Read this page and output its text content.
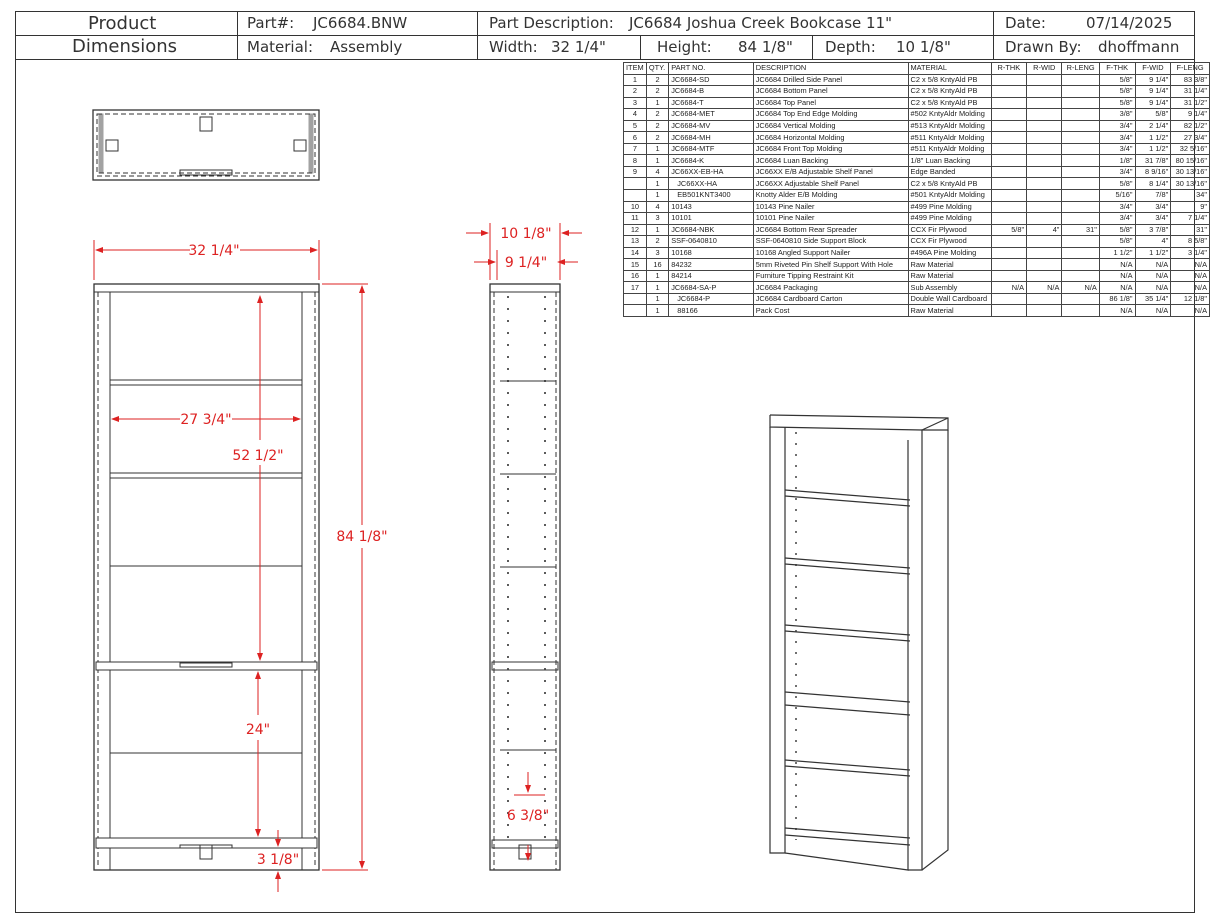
Product
Dimensions
Part#: JC6684.BNW
Material: Assembly
Part Description: JC6684 Joshua Creek Bookcase 11"
Width: 32 1/4"	Height: 84 1/8" Depth: 10 1/8"
Date:	07/14/2025
Drawn By: dhoffmann
ITEM	QTY.	PART NO.	DESCRIPTION	MATERIAL	R-THK	R-WID	R-LENG	F-THK	F-WID	F-LENG
1	2	JC6684-SD	JC6684 Drilled Side Panel	C2 x 5/8 KntyAld PB				5/8"	9 1/4"	83 3/8"
2	2	JC6684-B	JC6684 Bottom Panel	C2 x 5/8 KntyAld PB				5/8"	9 1/4"	31 1/4"
3	1	JC6684-T	JC6684 Top Panel	C2 x 5/8 KntyAld PB				5/8"	9 1/4"	31 1/2"
4	2	JC6684-MET	JC6684 Top End Edge Molding	#502 KntyAldr Molding				3/8"	5/8"	9 1/4"
5	2	JC6684-MV	JC6684 Vertical Molding	#513 KntyAldr Molding				3/4"	2 1/4"	82 1/2"
6	2	JC6684-MH	JC6684 Horizontal Molding	#511 KntyAldr Molding				3/4"	1 1/2"	27 3/4"
7	1	JC6684-MTF	JC6684 Front Top Molding	#511 KntyAldr Molding				3/4"	1 1/2"	32 5/16"
8	1	JC6684-K	JC6684 Luan Backing	1/8" Luan Backing				1/8"	31 7/8"	80 15/16"
9	4	JC66XX-EB-HA	JC66XX E/B Adjustable Shelf Panel	Edge Banded				3/4"	8 9/16"	30 13/16"
	1	JC66XX-HA	JC66XX Adjustable Shelf Panel	C2 x 5/8 KntyAld PB				5/8"	8 1/4"	30 13/16"
	1	EB501KNT3400	Knotty Alder E/B Molding	#501 KntyAldr Molding				5/16"	7/8"	34"
10	4	10143	10143 Pine Nailer	#499 Pine Molding				3/4"	3/4"	9"
11	3	10101	10101 Pine Nailer	#499 Pine Molding				3/4"	3/4"	7 1/4"
12	1	JC6684-NBK	JC6684 Bottom Rear Spreader	CCX Fir Plywood	5/8"	4"	31"	5/8"	3 7/8"	31"
13	2	SSF-0640810	SSF-0640810 Side Support Block	CCX Fir Plywood				5/8"	4"	8 5/8"
14	3	10168	10168 Angled Support Nailer	#496A Pine Molding				1 1/2"	1 1/2"	3 1/4"
15	16	84232	5mm Riveted Pin Shelf Support With Hole	Raw Material				N/A	N/A	N/A
16	1	84214	Furniture Tipping Restraint Kit	Raw Material				N/A	N/A	N/A
17	1	JC6684-SA-P	JC6684 Packaging	Sub Assembly	N/A	N/A	N/A	N/A	N/A	N/A
	1	JC6684-P	JC6684 Cardboard Carton	Double Wall Cardboard				86 1/8"	35 1/4"	12 1/8"
	1	88166	Pack Cost	Raw Material				N/A	N/A	N/A
32 1/4"
27 3/4"
52 1/2"
84 1/8"
24"
3 1/8"
10 1/8"
9 1/4"
6 3/8"
